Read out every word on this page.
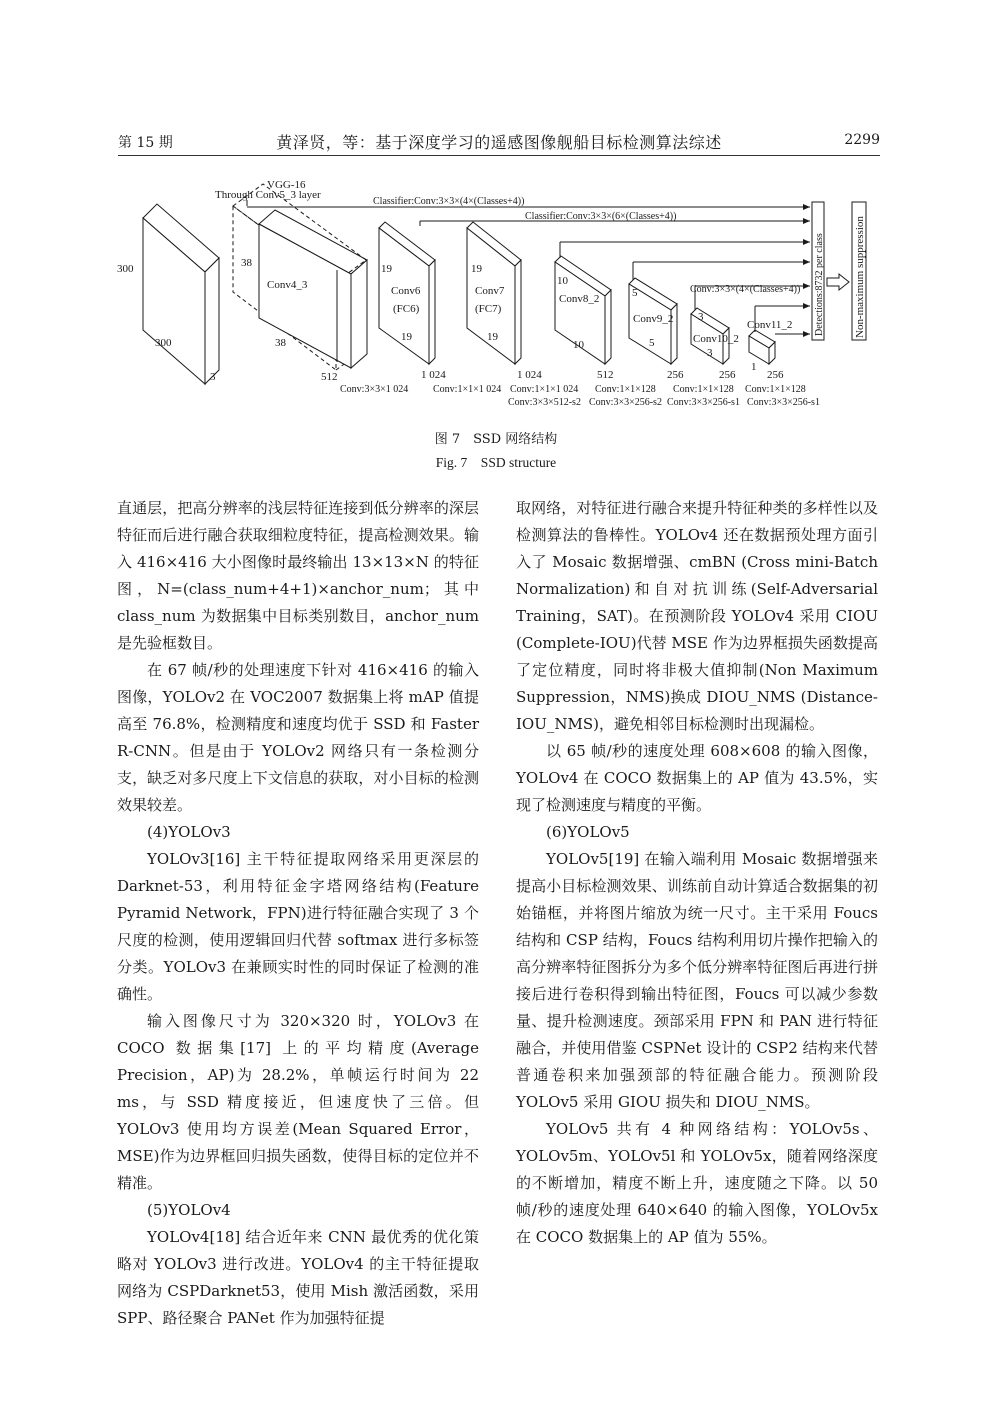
第 15 期	黄泽贤，等：基于深度学习的遥感图像舰船目标检测算法综述	2299
VGG-16
Through Conv5_3 layer
Classifier:Conv:3×3×(4×(Classes+4))
Classifier:Conv:3×3×(6×(Classes+4))
Conv:3×3×(4×(Classes+4))
300
300
3
38
38
512
Conv4_3
19
Conv6
(FC6)
19
1 024
19
Conv7
(FC7)
19
1 024
10
Conv8_2
10
512
5
Conv9_2
5
256
3
Conv10_2
3
256
Conv11_2
1
256
Detections:8732 per class	Non-maximum suppression
Conv:3×3×1 024 Conv:1×1×1 024 Conv:1×1×1 024 Conv:1×1×128 Conv:1×1×128 Conv:1×1×128
Conv:3×3×512-s2 Conv:3×3×256-s2 Conv:3×3×256-s1 Conv:3×3×256-s1
图 7　SSD 网络结构
Fig. 7　SSD structure

直通层，把高分辨率的浅层特征连接到低分辨率的深层特征而后进行融合获取细粒度特征，提高检测效果。输入 416×416 大小图像时最终输出 13×13×N 的特征图，N=(class_num+4+1)×anchor_num；其中 class_num 为数据集中目标类别数目，anchor_num 是先验框数目。

在 67 帧/秒的处理速度下针对 416×416 的输入图像，YOLOv2 在 VOC2007 数据集上将 mAP 值提高至 76.8%，检测精度和速度均优于 SSD 和 Faster R-CNN。但是由于 YOLOv2 网络只有一条检测分支，缺乏对多尺度上下文信息的获取，对小目标的检测效果较差。

(4)YOLOv3

YOLOv3[16] 主干特征提取网络采用更深层的 Darknet-53，利用特征金字塔网络结构(Feature Pyramid Network，FPN)进行特征融合实现了 3 个尺度的检测，使用逻辑回归代替 softmax 进行多标签分类。YOLOv3 在兼顾实时性的同时保证了检测的准确性。

输入图像尺寸为 320×320 时，YOLOv3 在 COCO 数据集[17] 上的平均精度(Average Precision，AP)为 28.2%，单帧运行时间为 22 ms，与 SSD 精度接近，但速度快了三倍。但 YOLOv3 使用均方误差(Mean Squared Error，MSE)作为边界框回归损失函数，使得目标的定位并不精准。

(5)YOLOv4

YOLOv4[18] 结合近年来 CNN 最优秀的优化策略对 YOLOv3 进行改进。YOLOv4 的主干特征提取网络为 CSPDarknet53，使用 Mish 激活函数，采用 SPP、路径聚合 PANet 作为加强特征提

取网络，对特征进行融合来提升特征种类的多样性以及检测算法的鲁棒性。YOLOv4 还在数据预处理方面引入了 Mosaic 数据增强、cmBN (Cross mini-Batch Normalization)和自对抗训练(Self-Adversarial Training，SAT)。在预测阶段 YOLOv4 采用 CIOU (Complete-IOU)代替 MSE 作为边界框损失函数提高了定位精度，同时将非极大值抑制(Non Maximum Suppression，NMS)换成 DIOU_NMS (Distance-IOU_NMS)，避免相邻目标检测时出现漏检。

以 65 帧/秒的速度处理 608×608 的输入图像，YOLOv4 在 COCO 数据集上的 AP 值为 43.5%，实现了检测速度与精度的平衡。

(6)YOLOv5

YOLOv5[19] 在输入端利用 Mosaic 数据增强来提高小目标检测效果、训练前自动计算适合数据集的初始锚框，并将图片缩放为统一尺寸。主干采用 Foucs 结构和 CSP 结构，Foucs 结构利用切片操作把输入的高分辨率特征图拆分为多个低分辨率特征图后再进行拼接后进行卷积得到输出特征图，Foucs 可以减少参数量、提升检测速度。颈部采用 FPN 和 PAN 进行特征融合，并使用借鉴 CSPNet 设计的 CSP2 结构来代替普通卷积来加强颈部的特征融合能力。预测阶段 YOLOv5 采用 GIOU 损失和 DIOU_NMS。

YOLOv5 共有 4 种网络结构：YOLOv5s、YOLOv5m、YOLOv5l 和 YOLOv5x，随着网络深度的不断增加，精度不断上升，速度随之下降。以 50 帧/秒的速度处理 640×640 的输入图像，YOLOv5x 在 COCO 数据集上的 AP 值为 55%。
